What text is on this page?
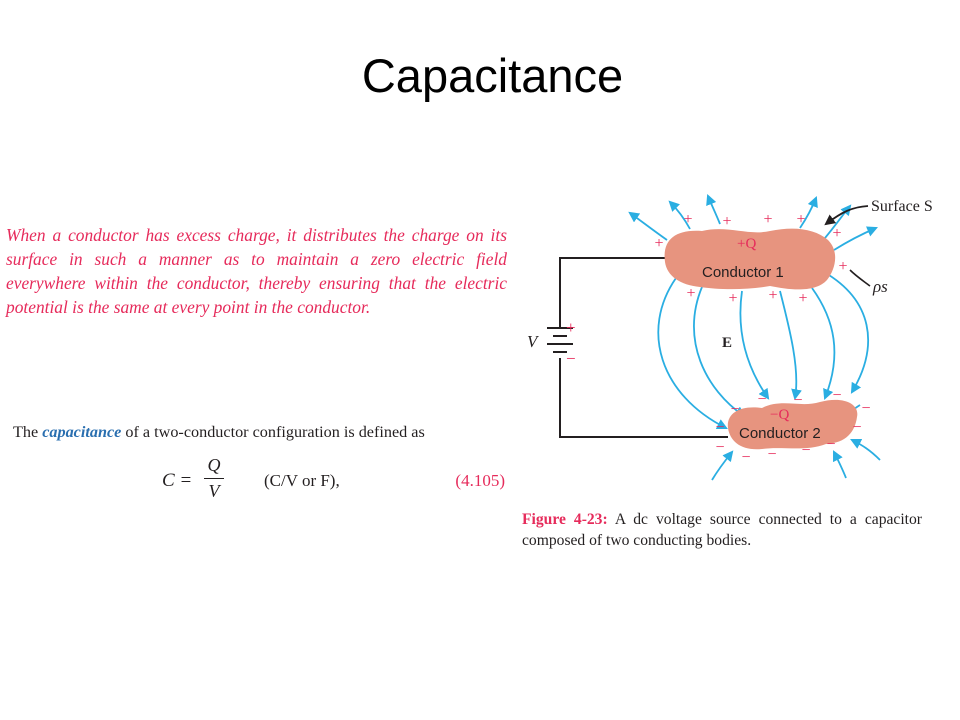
Capacitance

When a conductor has excess charge, it distributes the charge on its surface in such a manner as to maintain a zero electric field everywhere within the conductor, thereby ensuring that the electric potential is the same at every point in the conductor.

The capacitance of a two-conductor configuration is defined as
C =
Q
V
(C/V or F),	(4.105)
+ + + +
+
+
+
+ + + +
− − −
−	−
−	−
−
− − − −
+Q
Conductor 1
−Q
Conductor 2
Surface S
ρs
V
+
−
E
Figure 4-23: A dc voltage source connected to a capacitor composed of two conducting bodies.
